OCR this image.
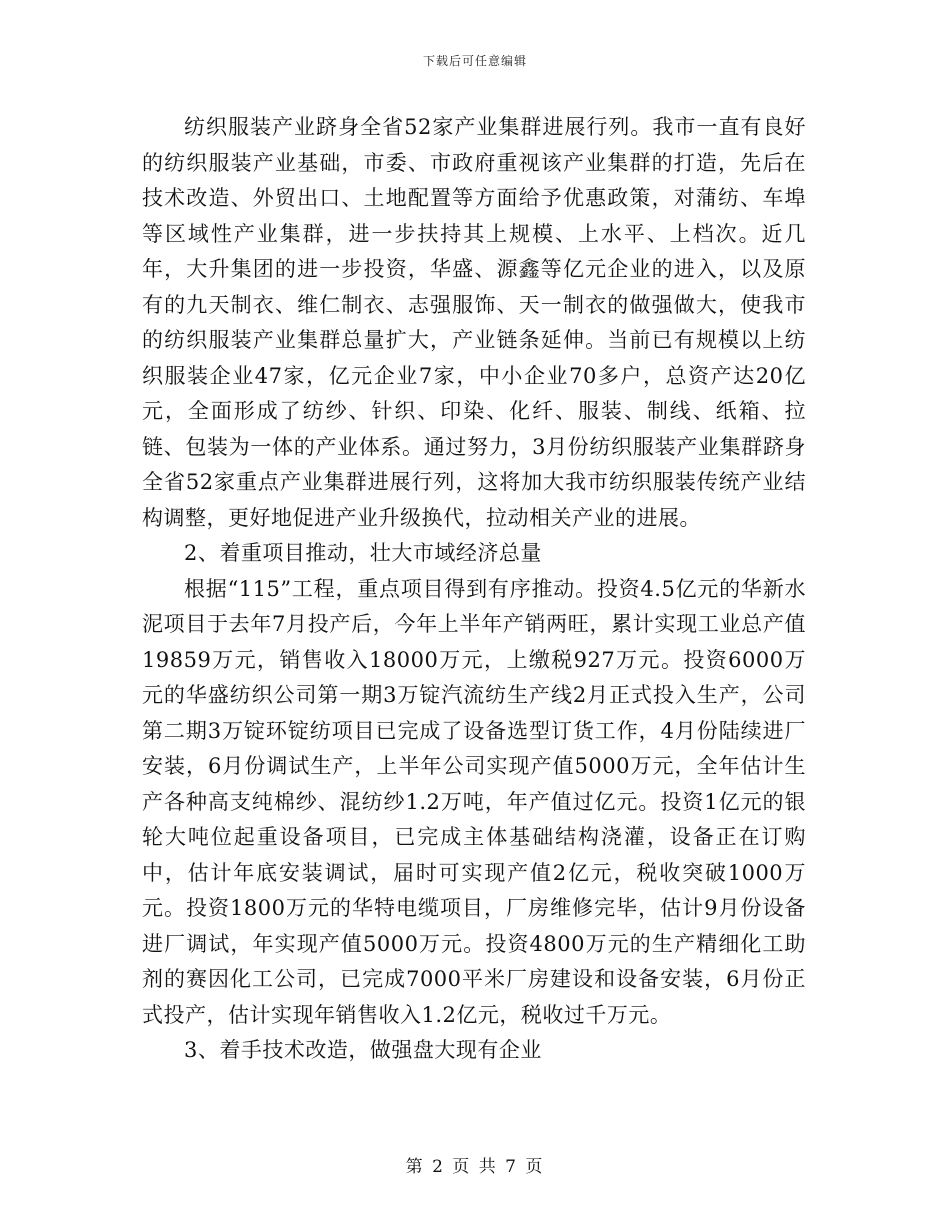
下载后可任意编辑

纺织服装产业跻身全省52家产业集群进展行列。我市一直有良好的纺织服装产业基础，市委、市政府重视该产业集群的打造，先后在技术改造、外贸出口、土地配置等方面给予优惠政策，对蒲纺、车埠等区域性产业集群，进一步扶持其上规模、上水平、上档次。近几年，大升集团的进一步投资，华盛、源鑫等亿元企业的进入，以及原有的九天制衣、维仁制衣、志强服饰、天一制衣的做强做大，使我市的纺织服装产业集群总量扩大，产业链条延伸。当前已有规模以上纺织服装企业47家，亿元企业7家，中小企业70多户，总资产达20亿元，全面形成了纺纱、针织、印染、化纤、服装、制线、纸箱、拉链、包装为一体的产业体系。通过努力，3月份纺织服装产业集群跻身全省52家重点产业集群进展行列，这将加大我市纺织服装传统产业结构调整，更好地促进产业升级换代，拉动相关产业的进展。

2、着重项目推动，壮大市域经济总量

根据“115”工程，重点项目得到有序推动。投资4.5亿元的华新水泥项目于去年7月投产后，今年上半年产销两旺，累计实现工业总产值19859万元，销售收入18000万元，上缴税927万元。投资6000万元的华盛纺织公司第一期3万锭汽流纺生产线2月正式投入生产，公司第二期3万锭环锭纺项目已完成了设备选型订货工作，4月份陆续进厂安装，6月份调试生产，上半年公司实现产值5000万元，全年估计生产各种高支纯棉纱、混纺纱1.2万吨，年产值过亿元。投资1亿元的银轮大吨位起重设备项目，已完成主体基础结构浇灌，设备正在订购中，估计年底安装调试，届时可实现产值2亿元，税收突破1000万元。投资1800万元的华特电缆项目，厂房维修完毕，估计9月份设备进厂调试，年实现产值5000万元。投资4800万元的生产精细化工助剂的赛因化工公司，已完成7000平米厂房建设和设备安装，6月份正式投产，估计实现年销售收入1.2亿元，税收过千万元。

3、着手技术改造，做强盘大现有企业

第 2 页 共 7 页
